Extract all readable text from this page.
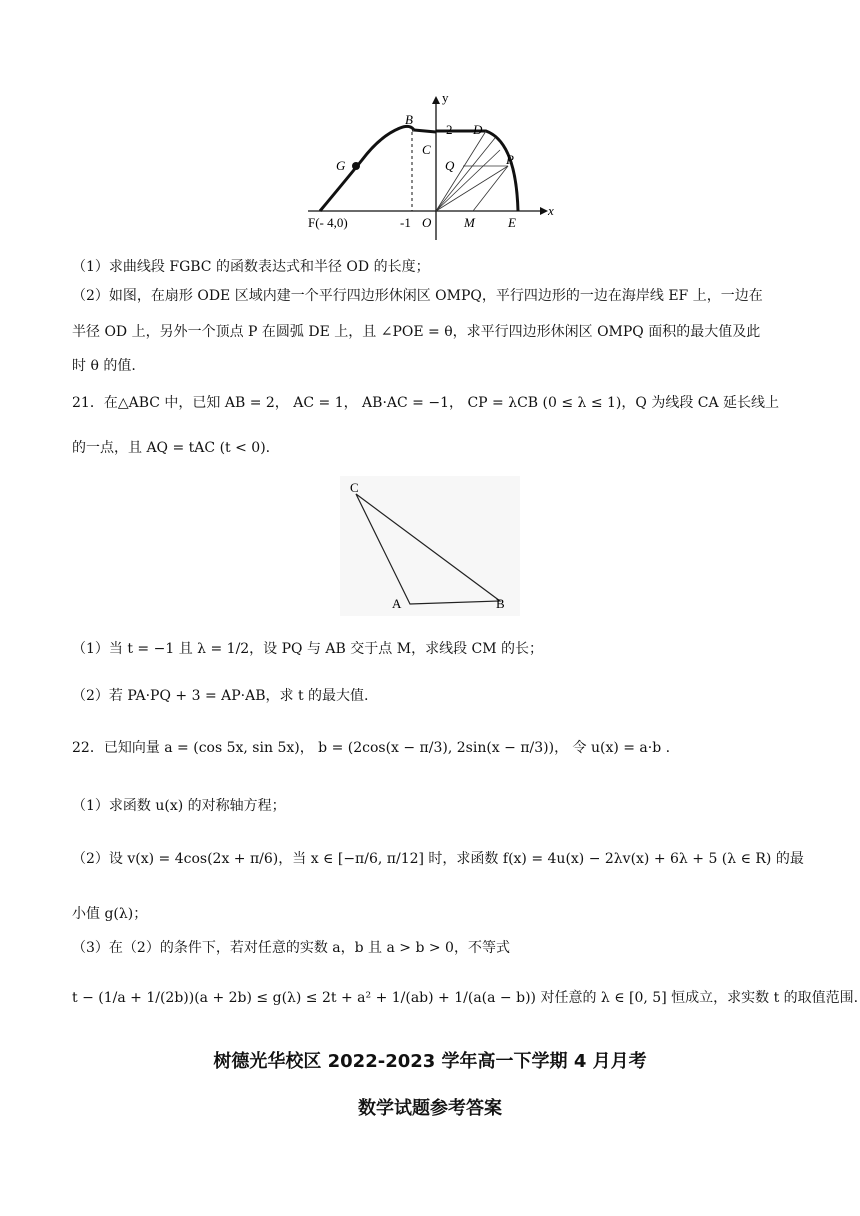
y
x
B
2 D
C
G	Q	P
F(- 4,0)	-1 O	M	E
（1）求曲线段 FGBC 的函数表达式和半径 OD 的长度；
（2）如图，在扇形 ODE 区域内建一个平行四边形休闲区 OMPQ，平行四边形的一边在海岸线 EF 上，一边在
半径 OD 上，另外一个顶点 P 在圆弧 DE 上，且 ∠POE = θ，求平行四边形休闲区 OMPQ 面积的最大值及此
时 θ 的值.
21．在△ABC 中，已知 AB = 2， AC = 1， AB·AC = −1， CP = λCB (0 ≤ λ ≤ 1)，Q 为线段 CA 延长线上
的一点，且 AQ = tAC (t < 0).
C
A	B
（1）当 t = −1 且 λ = 1/2，设 PQ 与 AB 交于点 M，求线段 CM 的长；
（2）若 PA·PQ + 3 = AP·AB，求 t 的最大值.
22．已知向量 a = (cos 5x, sin 5x)， b = (2cos(x − π/3), 2sin(x − π/3))， 令 u(x) = a·b .
（1）求函数 u(x) 的对称轴方程；
（2）设 v(x) = 4cos(2x + π/6)，当 x ∈ [−π/6, π/12] 时，求函数 f(x) = 4u(x) − 2λv(x) + 6λ + 5 (λ ∈ R) 的最
小值 g(λ)；
（3）在（2）的条件下，若对任意的实数 a，b 且 a > b > 0，不等式
t − (1/a + 1/(2b))(a + 2b) ≤ g(λ) ≤ 2t + a² + 1/(ab) + 1/(a(a − b)) 对任意的 λ ∈ [0, 5] 恒成立，求实数 t 的取值范围.
树德光华校区 2022-2023 学年高一下学期 4 月月考
数学试题参考答案
